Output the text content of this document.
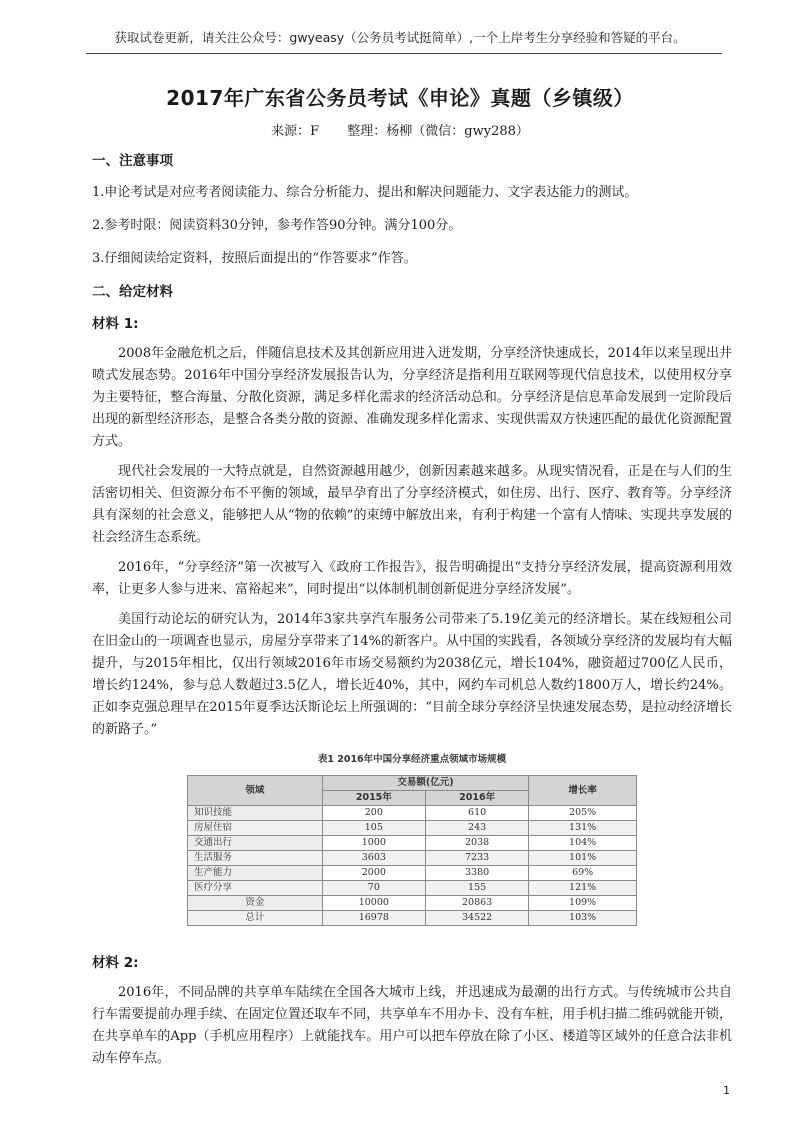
获取试卷更新，请关注公众号：gwyeasy（公务员考试挺简单）,一个上岸考生分享经验和答疑的平台。
2017年广东省公务员考试《申论》真题（乡镇级）
来源：F 整理：杨柳（微信：gwy288）
一、注意事项
1.申论考试是对应考者阅读能力、综合分析能力、提出和解决问题能力、文字表达能力的测试。
2.参考时限：阅读资料30分钟，参考作答90分钟。满分100分。
3.仔细阅读给定资料，按照后面提出的“作答要求”作答。
二、给定材料
材料 1:

2008年金融危机之后，伴随信息技术及其创新应用进入迸发期，分享经济快速成长，2014年以来呈现出井喷式发展态势。2016年中国分享经济发展报告认为，分享经济是指利用互联网等现代信息技术，以使用权分享为主要特征，整合海量、分散化资源，满足多样化需求的经济活动总和。分享经济是信息革命发展到一定阶段后出现的新型经济形态，是整合各类分散的资源、准确发现多样化需求、实现供需双方快速匹配的最优化资源配置方式。

现代社会发展的一大特点就是，自然资源越用越少，创新因素越来越多。从现实情况看，正是在与人们的生活密切相关、但资源分布不平衡的领域，最早孕育出了分享经济模式，如住房、出行、医疗、教育等。分享经济具有深刻的社会意义，能够把人从“物的依赖”的束缚中解放出来，有利于构建一个富有人情味、实现共享发展的社会经济生态系统。

2016年，“分享经济”第一次被写入《政府工作报告》，报告明确提出“支持分享经济发展，提高资源利用效率，让更多人参与进来、富裕起来”，同时提出“以体制机制创新促进分享经济发展”。

美国行动论坛的研究认为，2014年3家共享汽车服务公司带来了5.19亿美元的经济增长。某在线短租公司在旧金山的一项调查也显示，房屋分享带来了14%的新客户。从中国的实践看，各领域分享经济的发展均有大幅提升，与2015年相比，仅出行领域2016年市场交易额约为2038亿元，增长104%，融资超过700亿人民币，增长约124%，参与总人数超过3.5亿人，增长近40%，其中，网约车司机总人数约1800万人，增长约24%。正如李克强总理早在2015年夏季达沃斯论坛上所强调的：“目前全球分享经济呈快速发展态势，是拉动经济增长的新路子。”

表1 2016年中国分享经济重点领域市场规模
领域	交易额(亿元)		增长率
	2015年	2016年	
知识技能	200	610	205%
房屋住宿	105	243	131%
交通出行	1000	2038	104%
生活服务	3603	7233	101%
生产能力	2000	3380	69%
医疗分享	70	155	121%
资金	10000	20863	109%
总计	16978	34522	103%
材料 2:

2016年，不同品牌的共享单车陆续在全国各大城市上线，并迅速成为最潮的出行方式。与传统城市公共自行车需要提前办理手续、在固定位置还取车不同，共享单车不用办卡、没有车桩，用手机扫描二维码就能开锁，在共享单车的App（手机应用程序）上就能找车。用户可以把车停放在除了小区、楼道等区域外的任意合法非机动车停车点。

1
